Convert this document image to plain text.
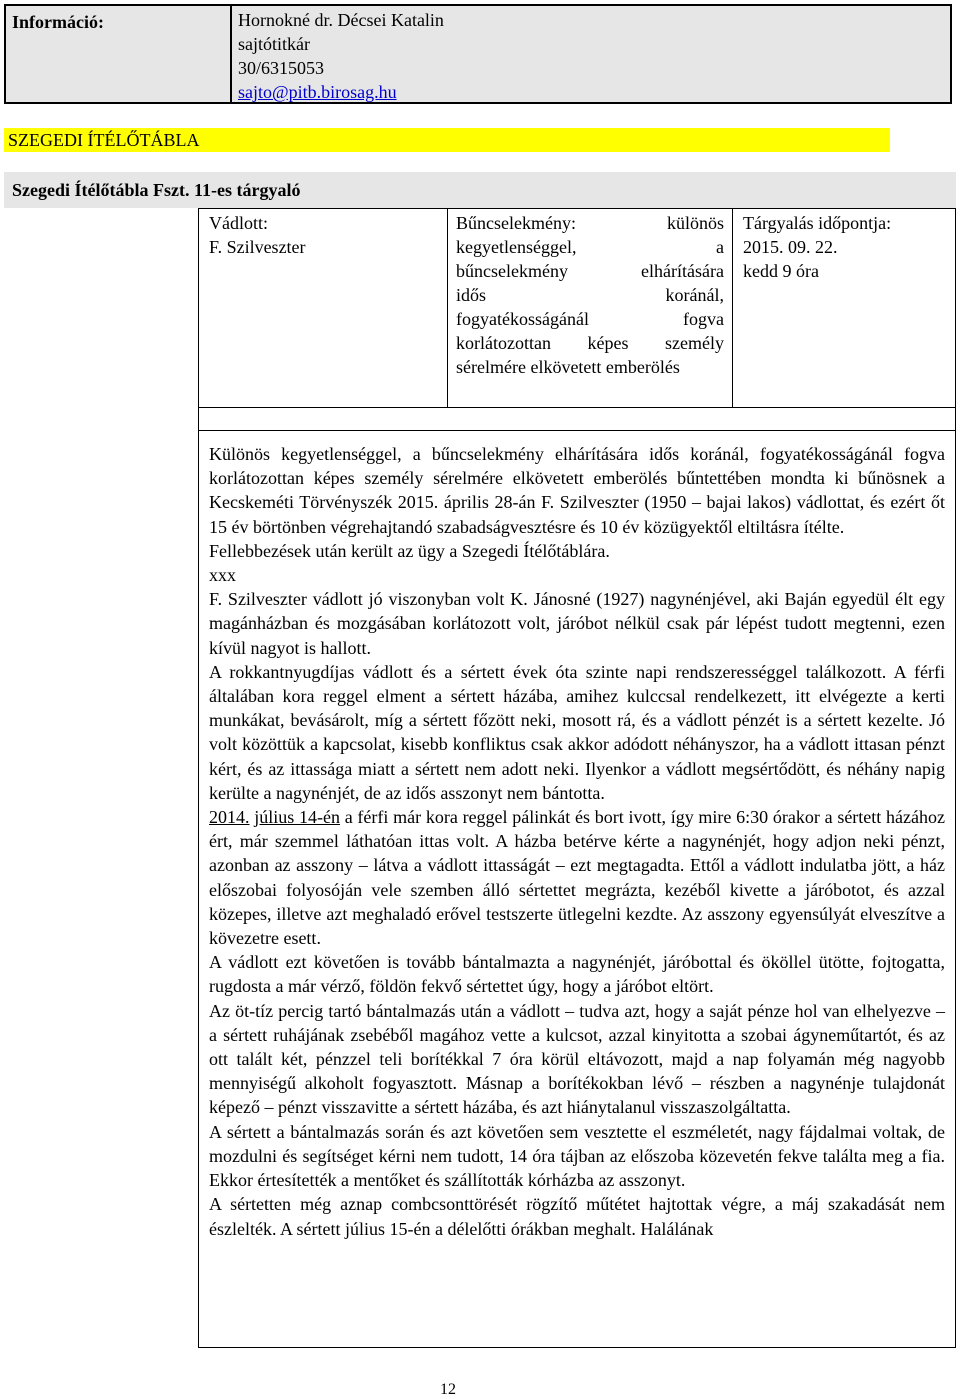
Információ:	Hornokné dr. Décsei Katalin
sajtótitkár
30/6315053
sajto@pitb.birosag.hu
SZEGEDI ÍTÉLŐTÁBLA
Szegedi Ítélőtábla Fszt. 11-es tárgyaló
Vádlott:
F. Szilveszter
Bűncselekmény: különös
kegyetlenséggel, a
bűncselekmény elhárítására
idős koránál,
fogyatékosságánál fogva
korlátozottan képes személy
sérelmére elkövetett emberölés
Tárgyalás időpontja:
2015. 09. 22.
kedd 9 óra

Különös kegyetlenséggel, a bűncselekmény elhárítására idős koránál, fogyatékosságánál fogva korlátozottan képes személy sérelmére elkövetett emberölés bűntettében mondta ki bűnösnek a Kecskeméti Törvényszék 2015. április 28-án F. Szilveszter (1950 – bajai lakos) vádlottat, és ezért őt 15 év börtönben végrehajtandó szabadságvesztésre és 10 év közügyektől eltiltásra ítélte.

Fellebbezések után került az ügy a Szegedi Ítélőtáblára.

xxx

F. Szilveszter vádlott jó viszonyban volt K. Jánosné (1927) nagynénjével, aki Baján egyedül élt egy magánházban és mozgásában korlátozott volt, járóbot nélkül csak pár lépést tudott megtenni, ezen kívül nagyot is hallott.

A rokkantnyugdíjas vádlott és a sértett évek óta szinte napi rendszerességgel találkozott. A férfi általában kora reggel elment a sértett házába, amihez kulccsal rendelkezett, itt elvégezte a kerti munkákat, bevásárolt, míg a sértett főzött neki, mosott rá, és a vádlott pénzét is a sértett kezelte. Jó volt közöttük a kapcsolat, kisebb konfliktus csak akkor adódott néhányszor, ha a vádlott ittasan pénzt kért, és az ittassága miatt a sértett nem adott neki. Ilyenkor a vádlott megsértődött, és néhány napig kerülte a nagynénjét, de az idős asszonyt nem bántotta.

2014. július 14-én a férfi már kora reggel pálinkát és bort ivott, így mire 6:30 órakor a sértett házához ért, már szemmel láthatóan ittas volt. A házba betérve kérte a nagynénjét, hogy adjon neki pénzt, azonban az asszony – látva a vádlott ittasságát – ezt megtagadta. Ettől a vádlott indulatba jött, a ház előszobai folyosóján vele szemben álló sértettet megrázta, kezéből kivette a járóbotot, és azzal közepes, illetve azt meghaladó erővel testszerte ütlegelni kezdte. Az asszony egyensúlyát elveszítve a kövezetre esett.

A vádlott ezt követően is tovább bántalmazta a nagynénjét, járóbottal és ököllel ütötte, fojtogatta, rugdosta a már vérző, földön fekvő sértettet úgy, hogy a járóbot eltört.

Az öt-tíz percig tartó bántalmazás után a vádlott – tudva azt, hogy a saját pénze hol van elhelyezve – a sértett ruhájának zsebéből magához vette a kulcsot, azzal kinyitotta a szobai ágyneműtartót, és az ott talált két, pénzzel teli borítékkal 7 óra körül eltávozott, majd a nap folyamán még nagyobb mennyiségű alkoholt fogyasztott. Másnap a borítékokban lévő – részben a nagynénje tulajdonát képező – pénzt visszavitte a sértett házába, és azt hiánytalanul visszaszolgáltatta.

A sértett a bántalmazás során és azt követően sem vesztette el eszméletét, nagy fájdalmai voltak, de mozdulni és segítséget kérni nem tudott, 14 óra tájban az előszoba közevetén fekve találta meg a fia. Ekkor értesítették a mentőket és szállították kórházba az asszonyt.

A sértetten még aznap combcsonttörését rögzítő műtétet hajtottak végre, a máj szakadását nem észlelték. A sértett július 15-én a délelőtti órákban meghalt. Halálának

12
